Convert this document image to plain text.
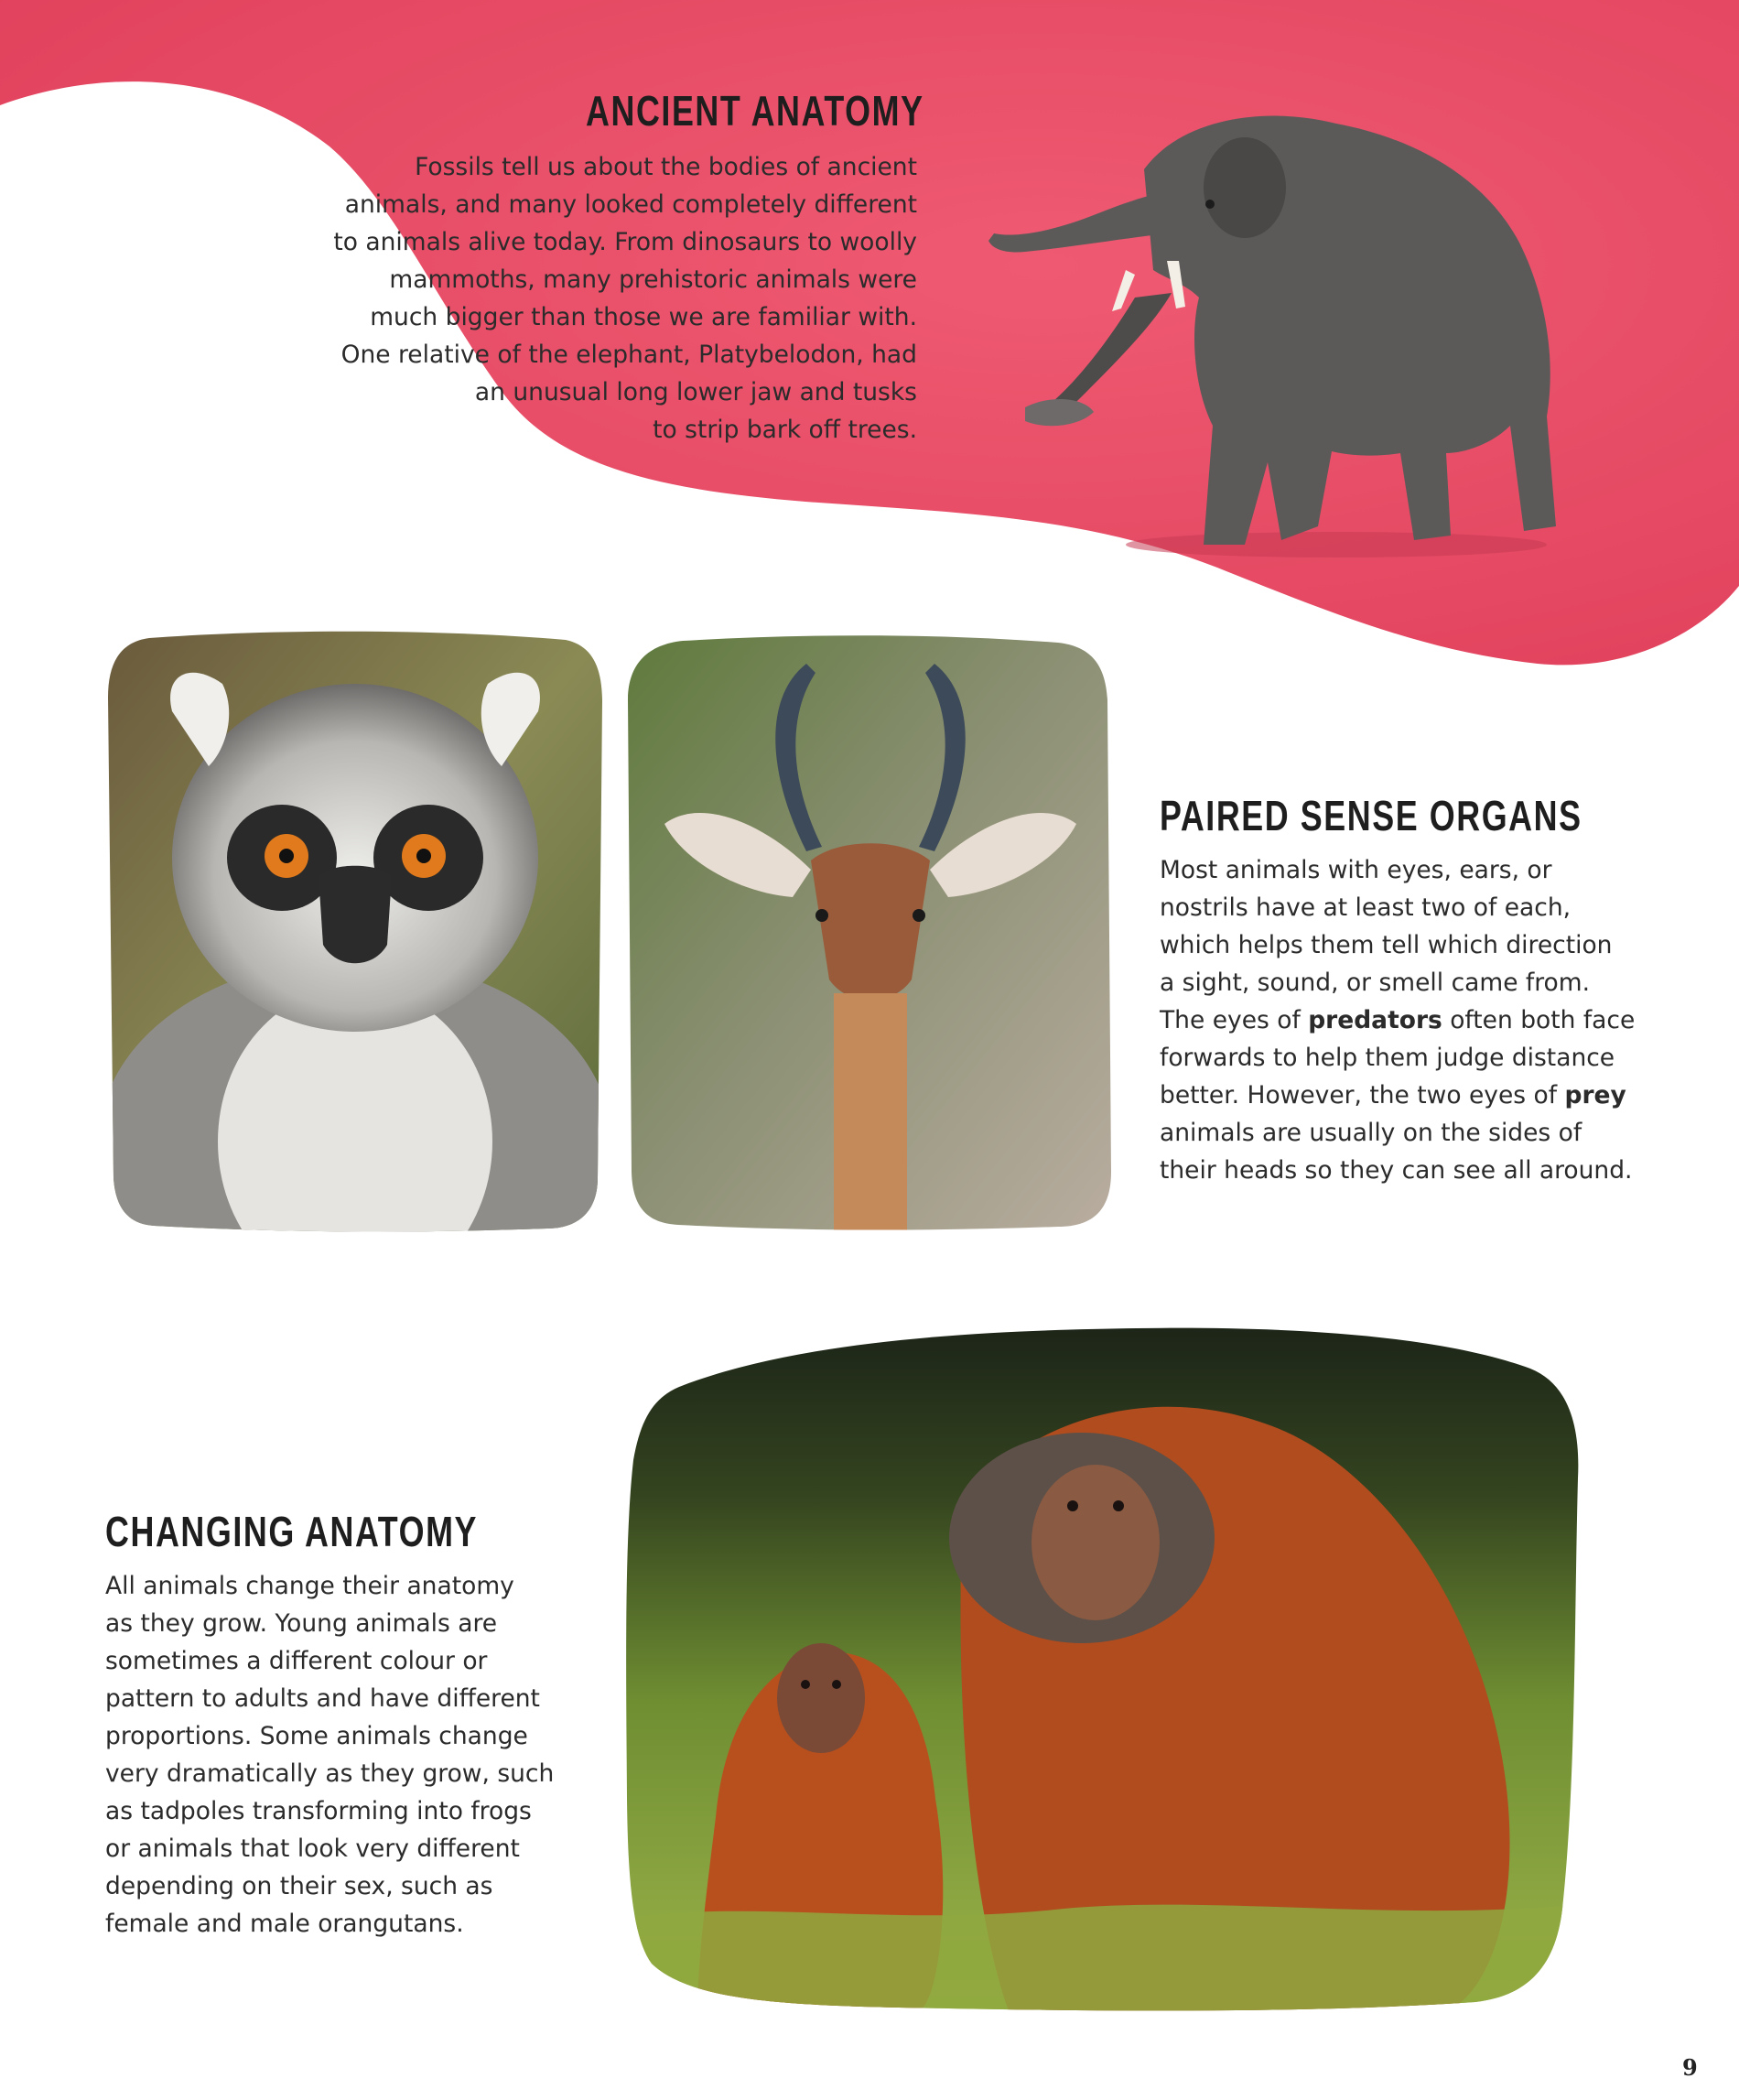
ANCIENT ANATOMY
Fossils tell us about the bodies of ancient
animals, and many looked completely different
to animals alive today. From dinosaurs to woolly
mammoths, many prehistoric animals were
much bigger than those we are familiar with.
One relative of the elephant, Platybelodon, had
an unusual long lower jaw and tusks
to strip bark off trees.
PAIRED SENSE ORGANS
Most animals with eyes, ears, or
nostrils have at least two of each,
which helps them tell which direction
a sight, sound, or smell came from.
The eyes of predators often both face
forwards to help them judge distance
better. However, the two eyes of prey
animals are usually on the sides of
their heads so they can see all around.
CHANGING ANATOMY
All animals change their anatomy
as they grow. Young animals are
sometimes a different colour or
pattern to adults and have different
proportions. Some animals change
very dramatically as they grow, such
as tadpoles transforming into frogs
or animals that look very different
depending on their sex, such as
female and male orangutans.
9
